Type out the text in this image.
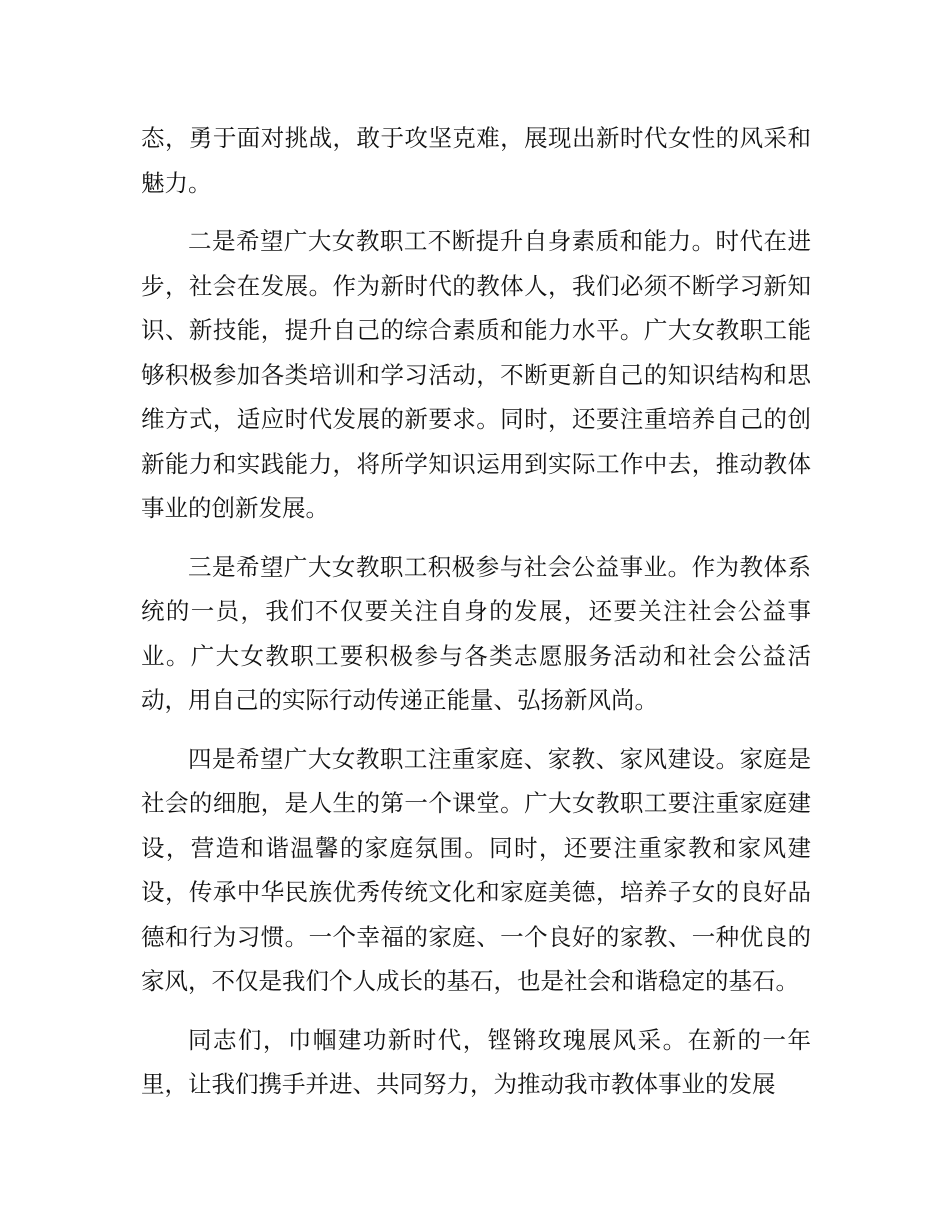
态，勇于面对挑战，敢于攻坚克难，展现出新时代女性的风采和魅力。

二是希望广大女教职工不断提升自身素质和能力。时代在进步，社会在发展。作为新时代的教体人，我们必须不断学习新知识、新技能，提升自己的综合素质和能力水平。广大女教职工能够积极参加各类培训和学习活动，不断更新自己的知识结构和思维方式，适应时代发展的新要求。同时，还要注重培养自己的创新能力和实践能力，将所学知识运用到实际工作中去，推动教体事业的创新发展。

三是希望广大女教职工积极参与社会公益事业。作为教体系统的一员，我们不仅要关注自身的发展，还要关注社会公益事业。广大女教职工要积极参与各类志愿服务活动和社会公益活动，用自己的实际行动传递正能量、弘扬新风尚。

四是希望广大女教职工注重家庭、家教、家风建设。家庭是社会的细胞，是人生的第一个课堂。广大女教职工要注重家庭建设，营造和谐温馨的家庭氛围。同时，还要注重家教和家风建设，传承中华民族优秀传统文化和家庭美德，培养子女的良好品德和行为习惯。一个幸福的家庭、一个良好的家教、一种优良的家风，不仅是我们个人成长的基石，也是社会和谐稳定的基石。

同志们，巾帼建功新时代，铿锵玫瑰展风采。在新的一年里，让我们携手并进、共同努力，为推动我市教体事业的发展
